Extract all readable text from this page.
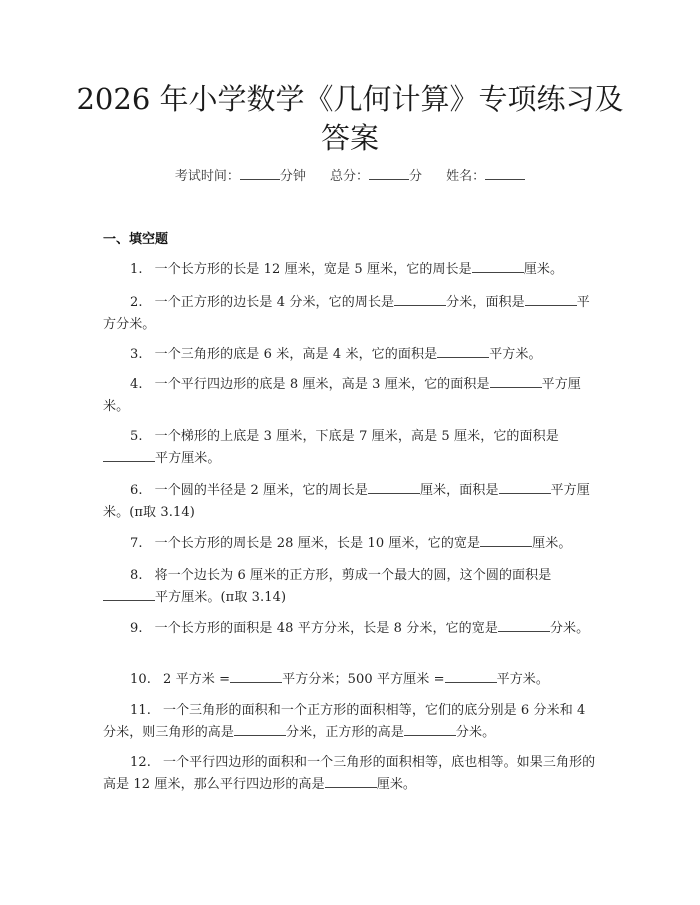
2026 年小学数学《几何计算》专项练习及答案
考试时间：	分钟 总分：	分 姓名：
一、填空题
1. 一个长方形的长是 12 厘米，宽是 5 厘米，它的周长是	厘米。
2. 一个正方形的边长是 4 分米，它的周长是	分米，面积是	平方分米。
3. 一个三角形的底是 6 米，高是 4 米，它的面积是	平方米。
4. 一个平行四边形的底是 8 厘米，高是 3 厘米，它的面积是	平方厘米。
5. 一个梯形的上底是 3 厘米，下底是 7 厘米，高是 5 厘米，它的面积是平方厘米。
6. 一个圆的半径是 2 厘米，它的周长是	厘米，面积是	平方厘米。(π取 3.14)
7. 一个长方形的周长是 28 厘米，长是 10 厘米，它的宽是	厘米。
8. 将一个边长为 6 厘米的正方形，剪成一个最大的圆，这个圆的面积是平方厘米。(π取 3.14)
9. 一个长方形的面积是 48 平方分米，长是 8 分米，它的宽是	分米。
10. 2 平方米 =	平方分米；500 平方厘米 =	平方米。
11. 一个三角形的面积和一个正方形的面积相等，它们的底分别是 6 分米和 4 分米，则三角形的高是	分米，正方形的高是	分米。
12. 一个平行四边形的面积和一个三角形的面积相等，底也相等。如果三角形的 高是 12 厘米，那么平行四边形的高是	厘米。
